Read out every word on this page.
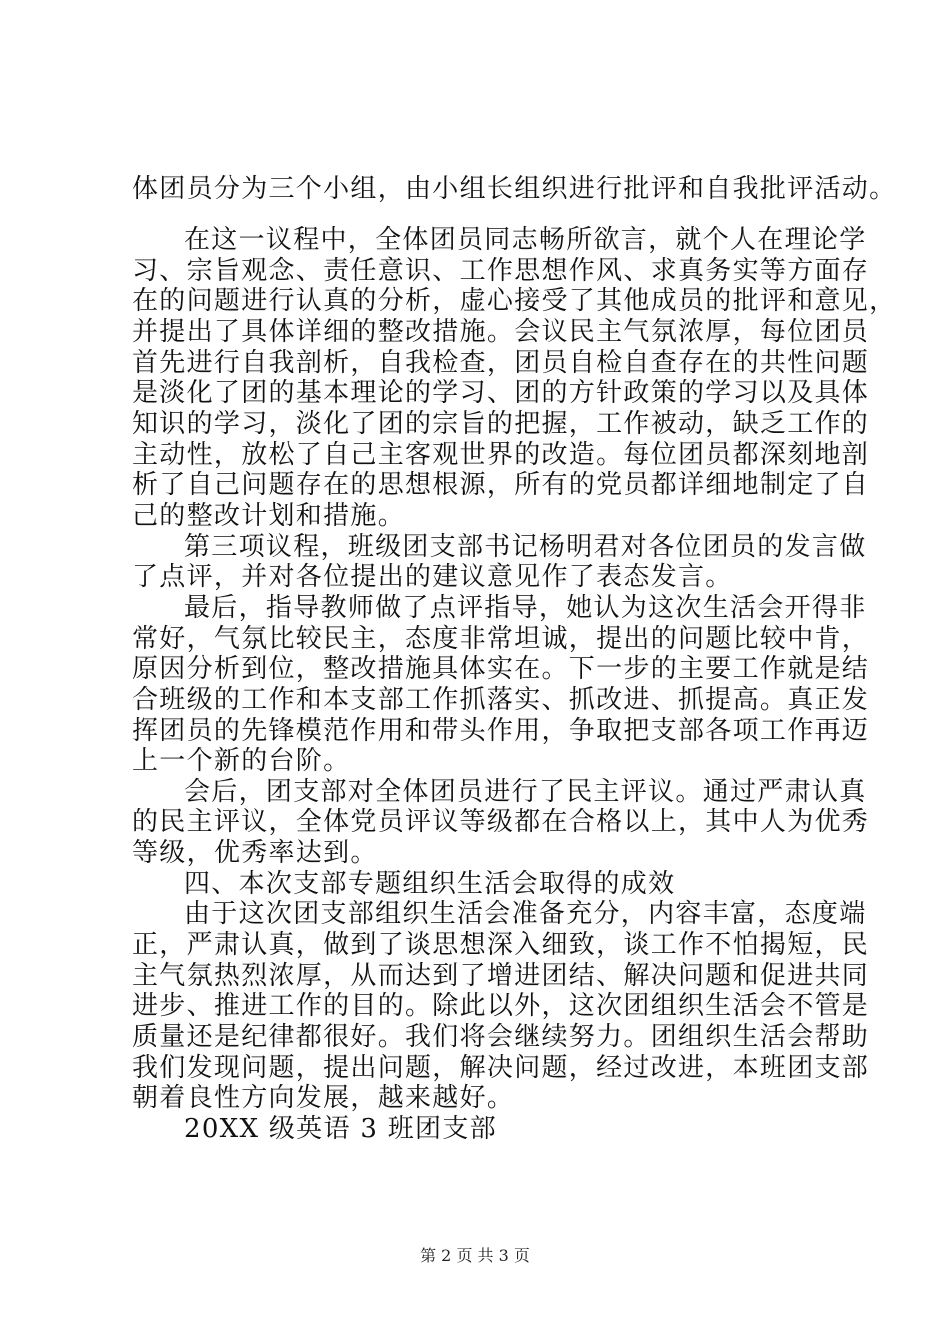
体团员分为三个小组，由小组长组织进行批评和自我批评活动。

在这一议程中，全体团员同志畅所欲言，就个人在理论学

习、宗旨观念、责任意识、工作思想作风、求真务实等方面存

在的问题进行认真的分析，虚心接受了其他成员的批评和意见，

并提出了具体详细的整改措施。会议民主气氛浓厚，每位团员

首先进行自我剖析，自我检查，团员自检自查存在的共性问题

是淡化了团的基本理论的学习、团的方针政策的学习以及具体

知识的学习，淡化了团的宗旨的把握，工作被动，缺乏工作的

主动性，放松了自己主客观世界的改造。每位团员都深刻地剖

析了自己问题存在的思想根源，所有的党员都详细地制定了自

己的整改计划和措施。

第三项议程，班级团支部书记杨明君对各位团员的发言做

了点评，并对各位提出的建议意见作了表态发言。

最后，指导教师做了点评指导，她认为这次生活会开得非

常好，气氛比较民主，态度非常坦诚，提出的问题比较中肯，

原因分析到位，整改措施具体实在。下一步的主要工作就是结

合班级的工作和本支部工作抓落实、抓改进、抓提高。真正发

挥团员的先锋模范作用和带头作用，争取把支部各项工作再迈

上一个新的台阶。

会后，团支部对全体团员进行了民主评议。通过严肃认真

的民主评议，全体党员评议等级都在合格以上，其中人为优秀

等级，优秀率达到。

四、本次支部专题组织生活会取得的成效

由于这次团支部组织生活会准备充分，内容丰富，态度端

正，严肃认真，做到了谈思想深入细致，谈工作不怕揭短，民

主气氛热烈浓厚，从而达到了增进团结、解决问题和促进共同

进步、推进工作的目的。除此以外，这次团组织生活会不管是

质量还是纪律都很好。我们将会继续努力。团组织生活会帮助

我们发现问题，提出问题，解决问题，经过改进，本班团支部

朝着良性方向发展，越来越好。

20XX 级英语 3 班团支部

第 2 页 共 3 页
